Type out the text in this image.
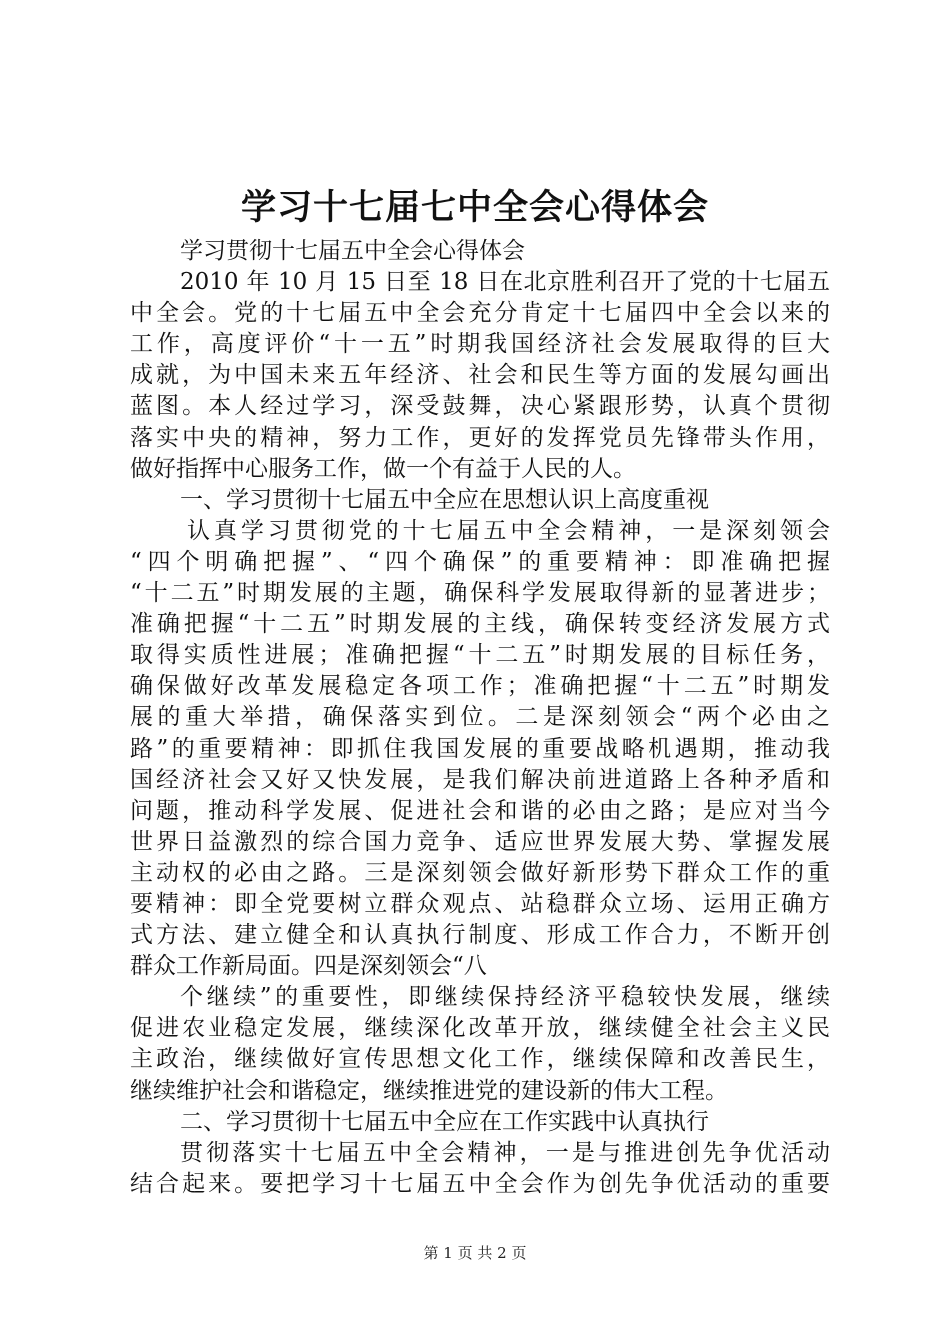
学习十七届七中全会心得体会
学习贯彻十七届五中全会心得体会
2010 年 10 月 15 日至 18 日在北京胜利召开了党的十七届五
中全会。党的十七届五中全会充分肯定十七届四中全会以来的
工作，高度评价“十一五”时期我国经济社会发展取得的巨大
成就，为中国未来五年经济、社会和民生等方面的发展勾画出
蓝图。本人经过学习，深受鼓舞，决心紧跟形势，认真个贯彻
落实中央的精神，努力工作，更好的发挥党员先锋带头作用，
做好指挥中心服务工作，做一个有益于人民的人。
一、学习贯彻十七届五中全应在思想认识上高度重视
认真学习贯彻党的十七届五中全会精神，一是深刻领会
“四个明确把握”、“四个确保”的重要精神：即准确把握
“十二五”时期发展的主题，确保科学发展取得新的显著进步；
准确把握“十二五”时期发展的主线，确保转变经济发展方式
取得实质性进展；准确把握“十二五”时期发展的目标任务，
确保做好改革发展稳定各项工作；准确把握“十二五”时期发
展的重大举措，确保落实到位。二是深刻领会“两个必由之
路”的重要精神：即抓住我国发展的重要战略机遇期，推动我
国经济社会又好又快发展，是我们解决前进道路上各种矛盾和
问题，推动科学发展、促进社会和谐的必由之路；是应对当今
世界日益激烈的综合国力竞争、适应世界发展大势、掌握发展
主动权的必由之路。三是深刻领会做好新形势下群众工作的重
要精神：即全党要树立群众观点、站稳群众立场、运用正确方
式方法、建立健全和认真执行制度、形成工作合力，不断开创
群众工作新局面。四是深刻领会“八
个继续”的重要性，即继续保持经济平稳较快发展，继续
促进农业稳定发展，继续深化改革开放，继续健全社会主义民
主政治，继续做好宣传思想文化工作，继续保障和改善民生，
继续维护社会和谐稳定，继续推进党的建设新的伟大工程。
二、学习贯彻十七届五中全应在工作实践中认真执行
贯彻落实十七届五中全会精神，一是与推进创先争优活动
结合起来。要把学习十七届五中全会作为创先争优活动的重要
第 1 页 共 2 页
